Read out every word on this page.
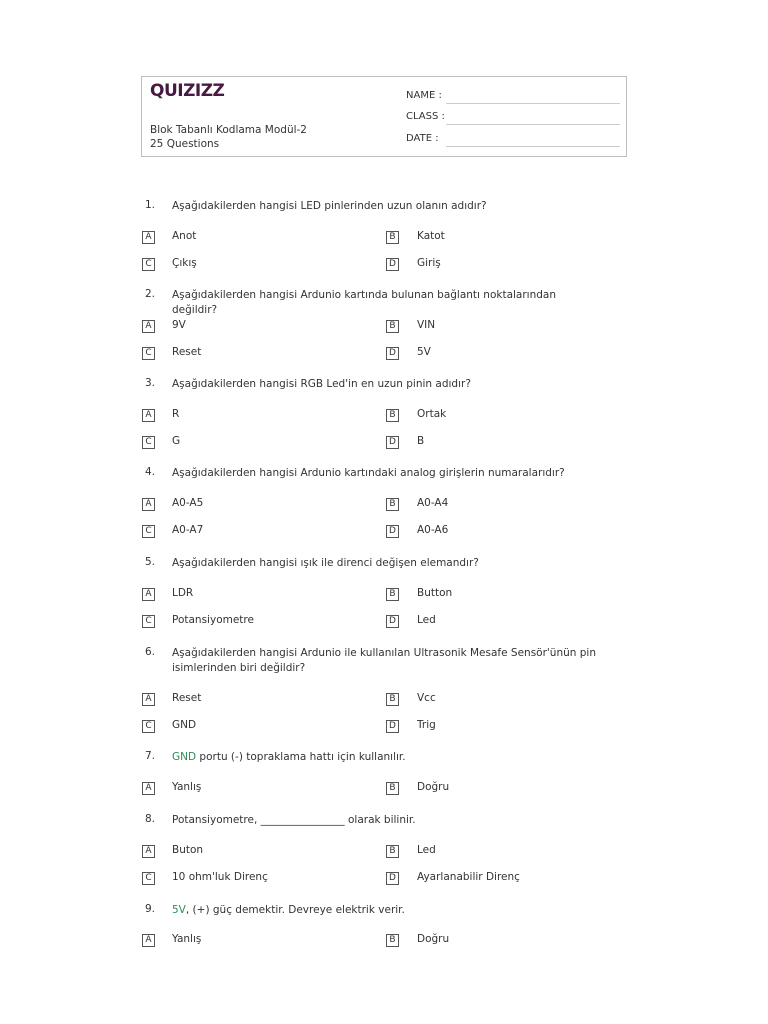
QUIZIZZ
Blok Tabanlı Kodlama Modül-2
25 Questions
NAME :
CLASS :
DATE :
1. Aşağıdakilerden hangisi LED pinlerinden uzun olanın adıdır?
A	Anot	B	Katot
C	Çıkış	D Giriş
2. Aşağıdakilerden hangisi Ardunio kartında bulunan bağlantı noktalarından değildir?
A	9V	B	VIN
C	Reset	D 5V
3. Aşağıdakilerden hangisi RGB Led'in en uzun pinin adıdır?
A	R	B	Ortak
C	G	D B
4. Aşağıdakilerden hangisi Ardunio kartındaki analog girişlerin numaralarıdır?
A	A0-A5	B	A0-A4
C	A0-A7	D A0-A6
5. Aşağıdakilerden hangisi ışık ile direnci değişen elemandır?
A	LDR	B	Button
C	Potansiyometre	D Led
6. Aşağıdakilerden hangisi Ardunio ile kullanılan Ultrasonik Mesafe Sensör'ünün pin
isimlerinden biri değildir?
A	Reset	B	Vcc
C	GND	D Trig
7. GND portu (-) topraklama hattı için kullanılır.
A	Yanlış	B	Doğru
8. Potansiyometre, ________________ olarak bilinir.
A	Buton	B	Led
C	10 ohm'luk Direnç	D Ayarlanabilir Direnç
9. 5V, (+) güç demektir. Devreye elektrik verir.
A	Yanlış	B	Doğru
